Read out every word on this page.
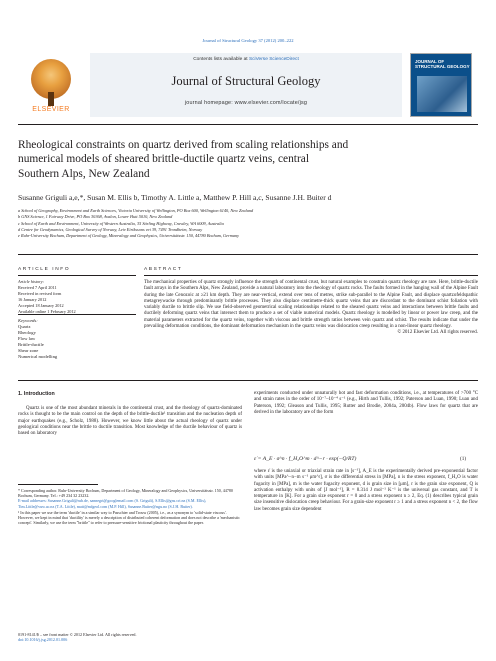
Journal of Structural Geology 37 (2012) 200–222
ELSEVIER
Contents lists available at SciVerse ScienceDirect
Journal of Structural Geology
journal homepage: www.elsevier.com/locate/jsg
JOURNAL OF STRUCTURAL GEOLOGY
Rheological constraints on quartz derived from scaling relationships and
numerical models of sheared brittle-ductile quartz veins, central
Southern Alps, New Zealand
Susanne Griguli a,e,*, Susan M. Ellis b, Timothy A. Little a, Matthew P. Hill a,c, Susanne J.H. Buiter d
a School of Geography, Environment and Earth Sciences, Victoria University of Wellington, PO Box 600, Wellington 6140, New Zealand
b GNS Science, 1 Fairway Drive, PO Box 30368, Avalon, Lower Hutt 5010, New Zealand
c School of Earth and Environment, University of Western Australia, 35 Stirling Highway, Crawley, WA 6009, Australia
d Centre for Geodynamics, Geological Survey of Norway, Leiv Eirikssons vei 39, 7491 Trondheim, Norway
e Ruhr-University Bochum, Department of Geology, Mineralogy and Geophysics, Universitätsstr. 150, 44780 Bochum, Germany
ARTICLE INFO
Article history:
Received 7 April 2011
Received in revised form
16 January 2012
Accepted 18 January 2012
Available online 1 February 2012
Keywords:
Quartz
Rheology
Flow law
Brittle-ductile
Shear zone
Numerical modelling
ABSTRACT
The mechanical properties of quartz strongly influence the strength of continental crust, but natural examples to constrain quartz rheology are rare. Here, brittle-ductile fault arrays in the Southern Alps, New Zealand, provide a natural laboratory into the rheology of quartz rocks. The faults formed in the hanging wall of the Alpine Fault during the late Cenozoic at ≥21 km depth. They are near-vertical, extend over tens of metres, strike sub-parallel to the Alpine Fault, and displace quartzofeldspathic metagreywacke through predominantly brittle processes. They also displace centimetre-thick quartz veins that are discordant to the dominant schist foliation with variably ductile to brittle slip. We use field-observed geometrical scaling relationships related to the sheared quartz veins and interactions between brittle faults and ductilely deforming quartz veins that intersect them to produce a set of viable numerical models. Quartz rheology is modelled by linear or power law creep, and the material parameters extracted for the quartz veins, together with viscous and brittle strength ratios between vein quartz and schist. The results indicate that under the prevailing deformation conditions, the dominant deformation mechanism in the quartz veins was dislocation creep resulting in a non-linear quartz rheology.
© 2012 Elsevier Ltd. All rights reserved.
1. Introduction
Quartz is one of the most abundant minerals in the continental crust, and the rheology of quartz-dominated rocks is thought to be the main control on the depth of the brittle-ductile¹ transition and the nucleation depth of major earthquakes (e.g., Scholz, 1988). However, we know little about the actual rheology of quartz under geological conditions near the brittle to ductile transition. Most knowledge of the ductile behaviour of quartz is based on laboratory
* Corresponding author. Ruhr-University Bochum, Department of Geology, Mineralogy and Geophysics, Universitätsstr. 150, 44780 Bochum, Germany. Tel.: +49 234 32 23232.
E-mail addresses: Susanne.Griguli@rub.de, sannegri@googlemail.com (S. Griguli), S.Ellis@gns.cri.nz (S.M. Ellis), Tim.Little@vuw.ac.nz (T.A. Little), matt@mfgeol.com (M.P. Hill), Susanne.Buiter@ngu.no (S.J.H. Buiter).
¹ In this paper we use the term 'ductile' in a similar way to Passchier and Trouw (2005), i.e., as a synonym to 'solid-state viscous'. However, we kept in mind that 'ductility' is merely a description of distributed coherent deformation and does not describe a 'mechanistic concept'. Similarly, we use the term "brittle" to refer to pressure-sensitive frictional plasticity throughout the paper.
0191-8141/$ – see front matter © 2012 Elsevier Ltd. All rights reserved.
doi:10.1016/j.jsg.2012.01.006
experiments conducted under unnaturally hot and fast deformation conditions, i.e., at temperatures of >700 °C and strain rates in the order of 10⁻⁷–10⁻⁴ s⁻¹ (e.g., Hirth and Tullis, 1992; Paterson and Luan, 1990; Luan and Paterson, 1992; Gleason and Tullis, 1995; Rutter and Brodie, 2004a, 2004b). Flow laws for quartz that are derived in the laboratory are of the form
ε̇ = A_E · σ^n · f_H₂O^m · d^−r · exp(−Q/RT)	(1)
where ε̇ is the uniaxial or triaxial strain rate in [s⁻¹], A_E is the experimentally derived pre-exponential factor with units [MPa^−n−m s⁻¹ μm^r], σ is the differential stress in [MPa], n is the stress exponent, f_H₂O is water fugacity in [MPa], m is the water fugacity exponent, d is grain size in [μm], r is the grain size exponent, Q is activation enthalpy with units of [J mol⁻¹], R = 8.314 J mol⁻¹ K⁻¹ is the universal gas constant, and T is temperature in [K]. For a grain size exponent r = 0 and a stress exponent n ≥ 2, Eq. (1) describes typical grain size insensitive dislocation creep behaviour. For a grain-size exponent r ≥ 1 and a stress exponent n < 2, the flow law becomes grain size dependent
